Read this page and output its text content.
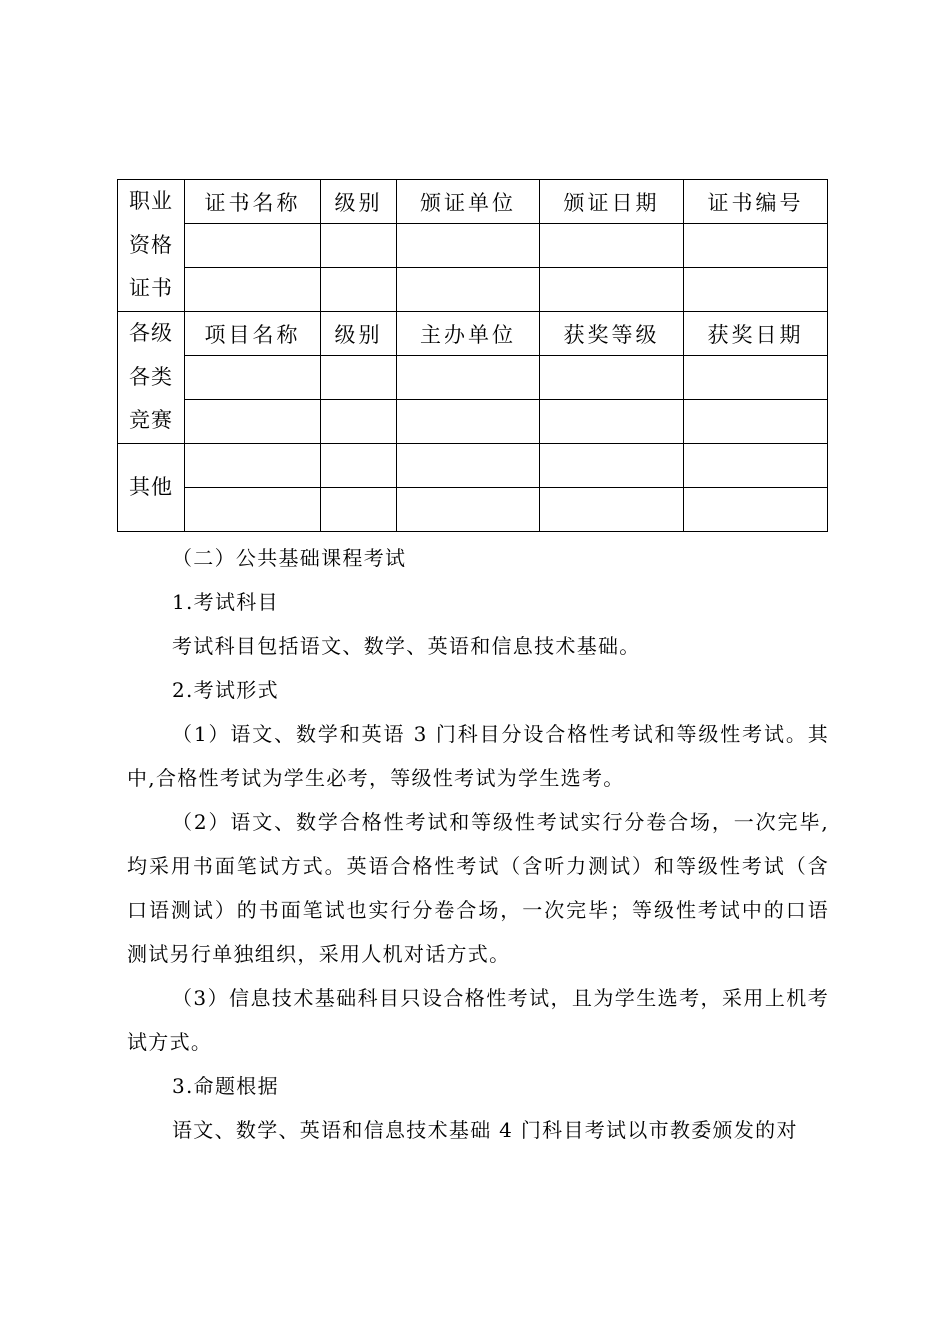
职业
资格
证书	证书名称	级别	颁证单位	颁证日期	证书编号

各级
各类
竞赛	项目名称	级别	主办单位	获奖等级	获奖日期

其他					

（二）公共基础课程考试

1.考试科目

考试科目包括语文、数学、英语和信息技术基础。

2.考试形式

（1）语文、数学和英语 3 门科目分设合格性考试和等级性考试。其中,合格性考试为学生必考，等级性考试为学生选考。

（2）语文、数学合格性考试和等级性考试实行分卷合场，一次完毕,均采用书面笔试方式。英语合格性考试（含听力测试）和等级性考试（含口语测试）的书面笔试也实行分卷合场，一次完毕；等级性考试中的口语测试另行单独组织，采用人机对话方式。

（3）信息技术基础科目只设合格性考试，且为学生选考，采用上机考试方式。

3.命题根据

语文、数学、英语和信息技术基础 4 门科目考试以市教委颁发的对
